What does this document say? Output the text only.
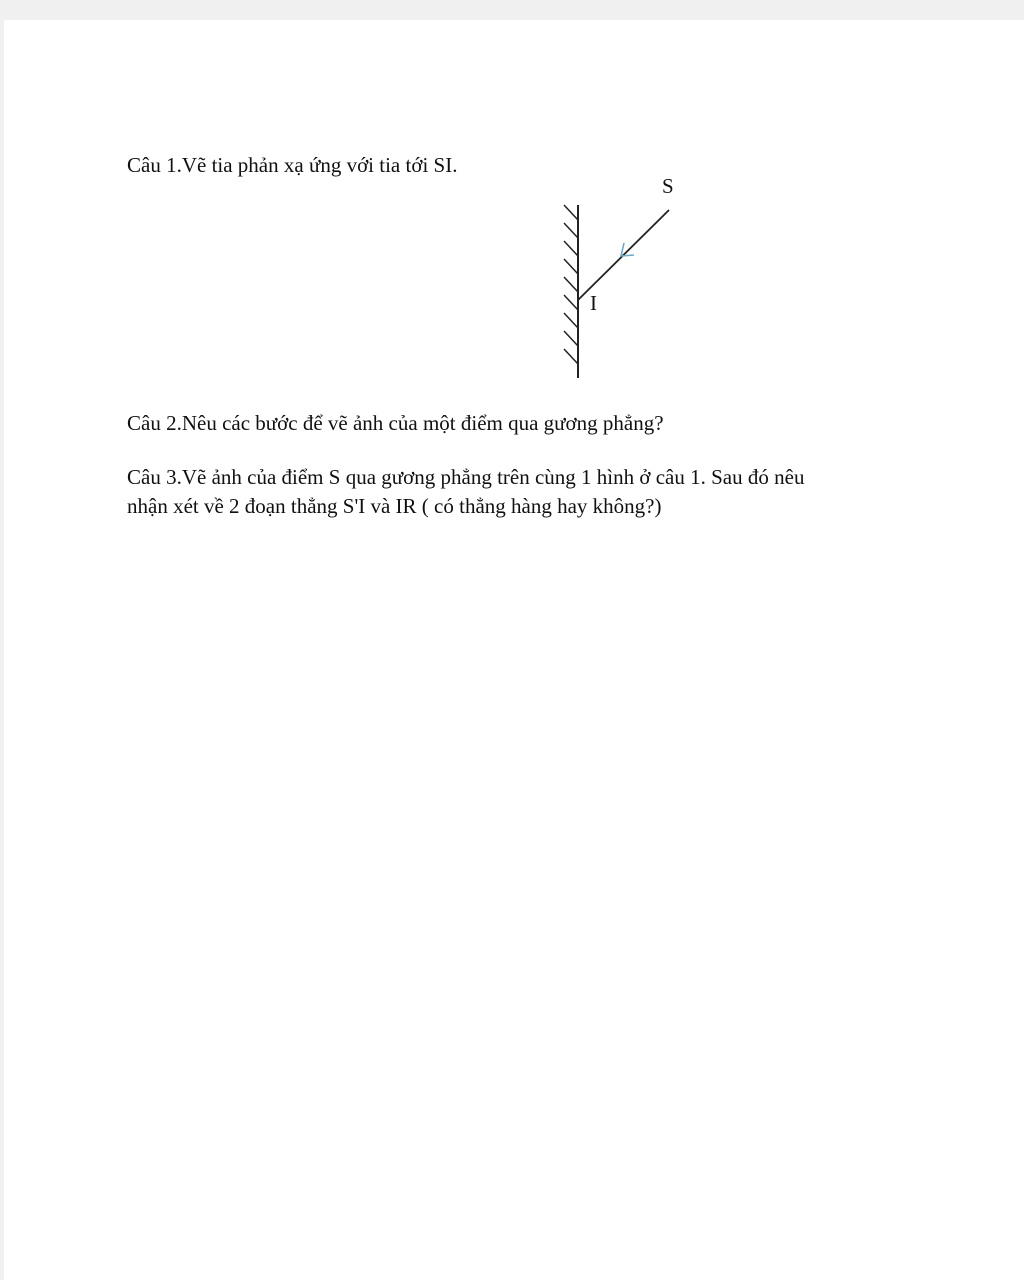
Câu 1.Vẽ tia phản xạ ứng với tia tới SI.
S
I
Câu 2.Nêu các bước để vẽ ảnh của một điểm qua gương phẳng?
Câu 3.Vẽ ảnh của điểm S qua gương phẳng trên cùng 1 hình ở câu 1. Sau đó nêu
nhận xét về 2 đoạn thẳng S'I và IR ( có thẳng hàng hay không?)
